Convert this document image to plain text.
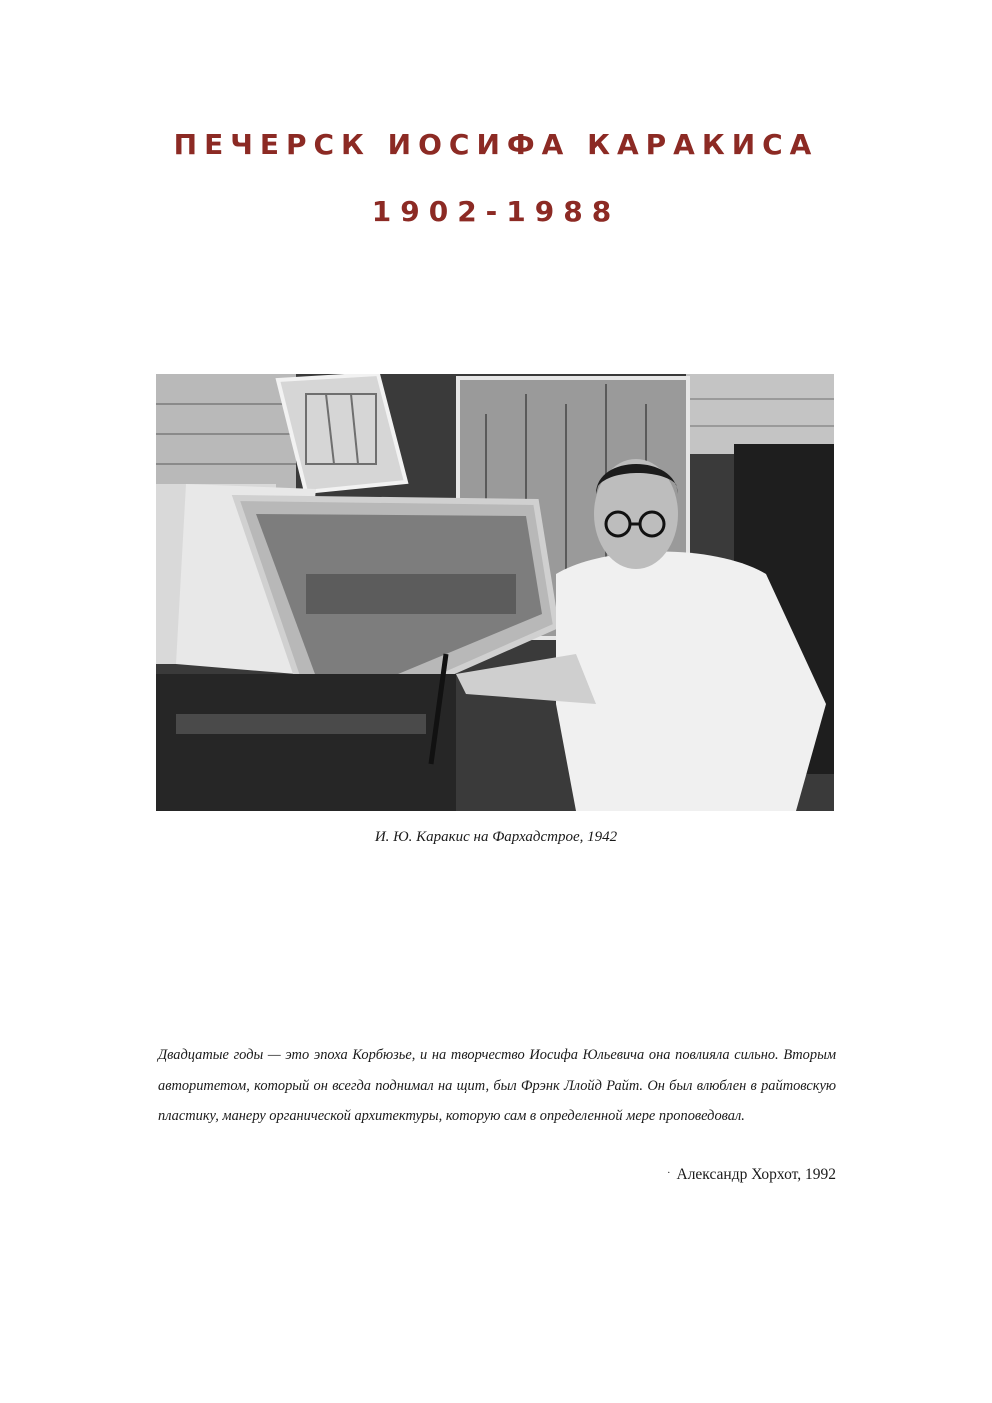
ПЕЧЕРСК ИОСИФА КАРАКИСА
1902-1988
И. Ю. Каракис на Фархадстрое, 1942

Двадцатые годы — это эпоха Корбюзье, и на творчество Иосифа Юльевича она повлияла сильно. Вторым авторитетом, который он всегда поднимал на щит, был Фрэнк Ллойд Райт. Он был влюблен в райтовскую пластику, манеру органической архитектуры, которую сам в определенной мере проповедовал.

· Александр Хорхот, 1992
